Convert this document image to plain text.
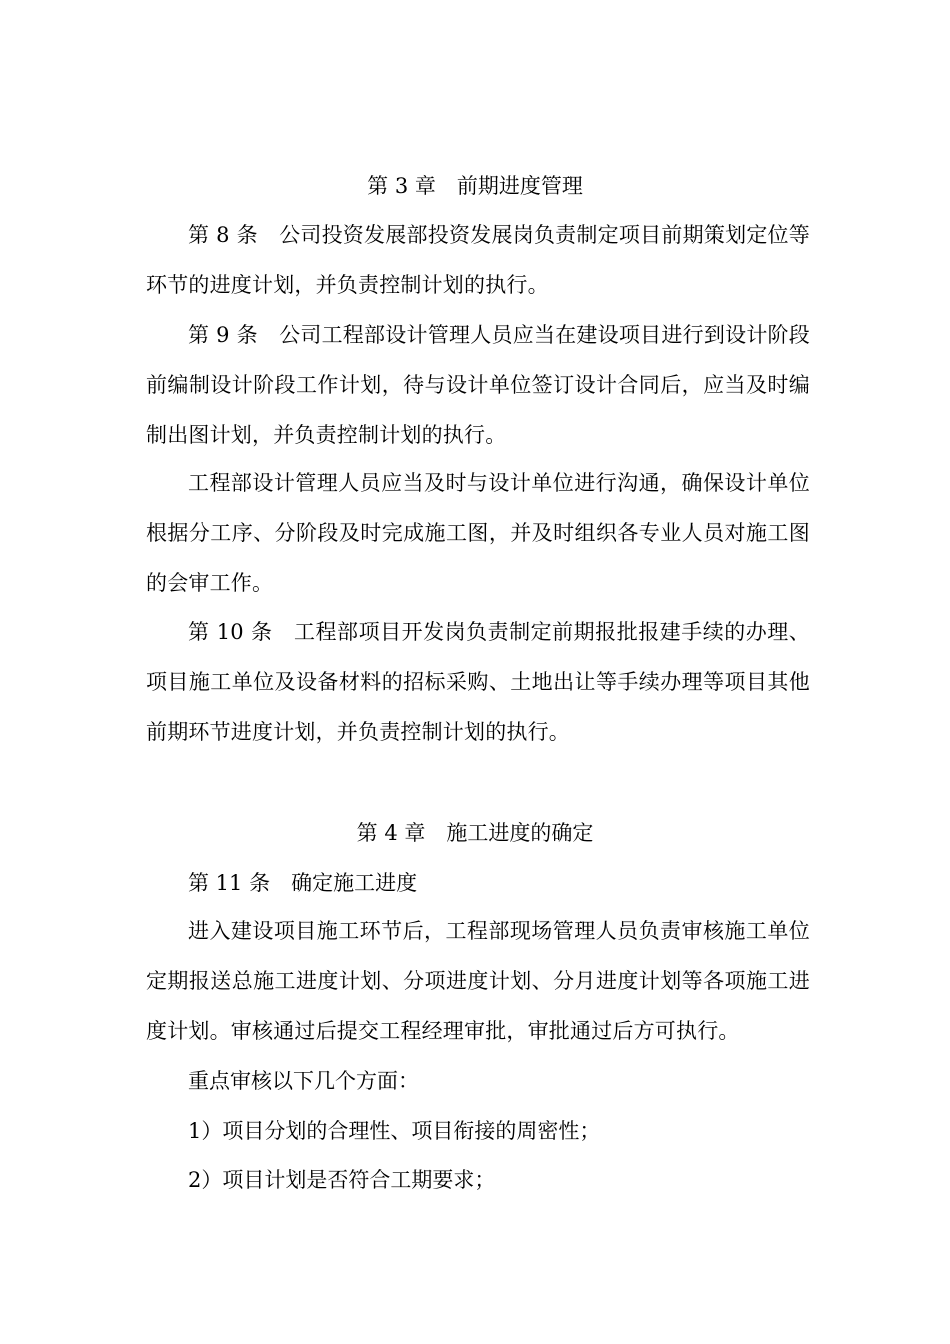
第 3 章　前期进度管理

第 8 条　公司投资发展部投资发展岗负责制定项目前期策划定位等环节的进度计划，并负责控制计划的执行。

第 9 条　公司工程部设计管理人员应当在建设项目进行到设计阶段前编制设计阶段工作计划，待与设计单位签订设计合同后，应当及时编制出图计划，并负责控制计划的执行。

工程部设计管理人员应当及时与设计单位进行沟通，确保设计单位根据分工序、分阶段及时完成施工图，并及时组织各专业人员对施工图的会审工作。

第 10 条　工程部项目开发岗负责制定前期报批报建手续的办理、项目施工单位及设备材料的招标采购、土地出让等手续办理等项目其他前期环节进度计划，并负责控制计划的执行。

第 4 章　施工进度的确定
第 11 条　确定施工进度

进入建设项目施工环节后，工程部现场管理人员负责审核施工单位定期报送总施工进度计划、分项进度计划、分月进度计划等各项施工进度计划。审核通过后提交工程经理审批，审批通过后方可执行。

重点审核以下几个方面：
1）项目分划的合理性、项目衔接的周密性；
2）项目计划是否符合工期要求；
